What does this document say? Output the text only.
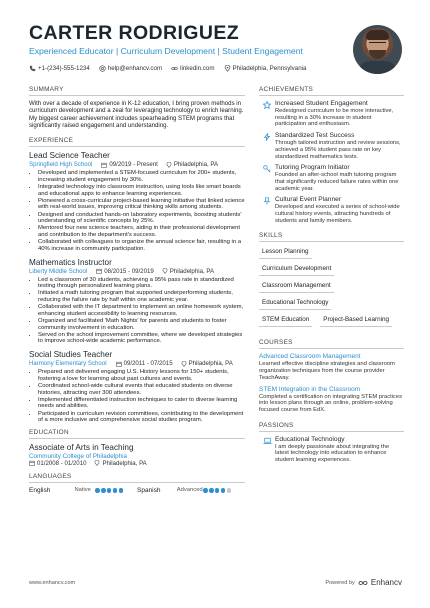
CARTER RODRIGUEZ
Experienced Educator | Curriculum Development | Student Engagement
+1-(234)-555-1234	help@enhancv.com	linkedin.com	Philadelphia, Pennsylvania
SUMMARY
With over a decade of experience in K-12 education, I bring proven methods in curriculum development and a zeal for leveraging technology to enrich learning. My biggest career achievement includes spearheading STEM programs that significantly raised engagement and understanding.
EXPERIENCE
Lead Science Teacher
Springfield High School	09/2019 - Present	Philadelphia, PA
• Developed and implemented a STEM-focused curriculum for 200+ students, increasing student engagement by 30%.
• Integrated technology into classroom instruction, using tools like smart boards and educational apps to enhance learning experiences.
• Pioneered a cross-curricular project-based learning initiative that linked science with real-world issues, improving critical thinking skills among students.
• Designed and conducted hands-on laboratory experiments, boosting students' understanding of scientific concepts by 25%.
• Mentored four new science teachers, aiding in their professional development and contribution to the department's success.
• Collaborated with colleagues to organize the annual science fair, resulting in a 40% increase in community participation.
Mathematics Instructor
Liberty Middle School	08/2015 - 09/2019	Philadelphia, PA
• Led a classroom of 30 students, achieving a 95% pass rate in standardized testing through personalized learning plans.
• Initiated a math tutoring program that supported underperforming students, reducing the failure rate by half within one academic year.
• Collaborated with the IT department to implement an online homework system, enhancing student accessibility to learning resources.
• Organized and facilitated 'Math Nights' for parents and students to foster community involvement in education.
• Served on the school improvement committee, where we developed strategies to improve school-wide academic performance.
Social Studies Teacher
Harmony Elementary School	09/2011 - 07/2015	Philadelphia, PA
• Prepared and delivered engaging U.S. History lessons for 150+ students, fostering a love for learning about past cultures and events.
• Coordinated school-wide cultural events that educated students on diverse histories, attracting over 300 attendees.
• Implemented differentiated instruction techniques to cater to diverse learning needs and abilities.
• Participated in curriculum revision committees, contributing to the development of a more inclusive and comprehensive social studies program.
EDUCATION
Associate of Arts in Teaching
Community College of Philadelphia
01/2008 - 01/2010	Philadelphia, PA
LANGUAGES
English	Native	Spanish	Advanced
ACHIEVEMENTS
Increased Student Engagement
Redesigned curriculum to be more interactive, resulting in a 30% increase in student participation and enthusiasm.
Standardized Test Success
Through tailored instruction and review sessions, achieved a 95% student pass rate on key standardized mathematics tests.
Tutoring Program Initiator
Founded an after-school math tutoring program that significantly reduced failure rates within one academic year.
Cultural Event Planner
Developed and executed a series of school-wide cultural history events, attracting hundreds of students and family members.
SKILLS
Lesson Planning
Curriculum Development
Classroom Management
Educational Technology
STEM Education	Project-Based Learning
COURSES
Advanced Classroom Management
Learned effective discipline strategies and classroom organization techniques from the course provider TeachAway.
STEM Integration in the Classroom
Completed a certification on integrating STEM practices into lesson plans through an online, problem-solving focused course from EdX.
PASSIONS
Educational Technology
I am deeply passionate about integrating the latest technology into education to enhance student learning experiences.
www.enhancv.com	Powered by Enhancv
